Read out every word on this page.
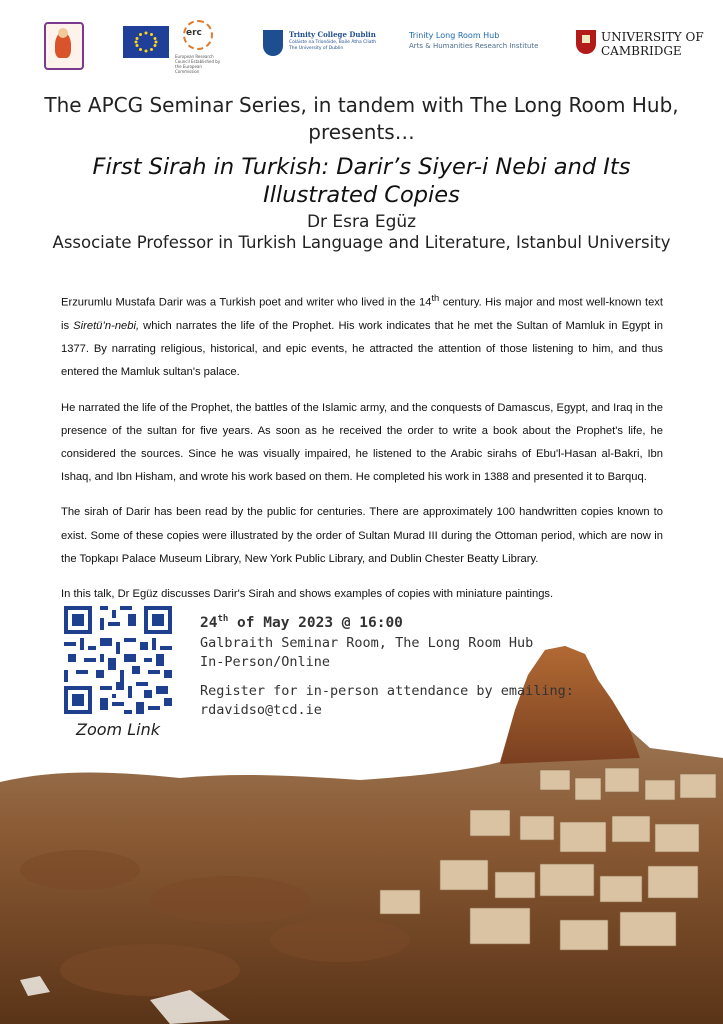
erc
European Research Council Established by the European Commission
Trinity College Dublin
Coláiste na Tríonóide, Baile Átha Cliath
The University of Dublin
Trinity Long Room Hub
Arts & Humanities Research Institute
UNIVERSITY OF
CAMBRIDGE
The APCG Seminar Series, in tandem with The Long Room Hub,
presents…
First Sirah in Turkish: Darir’s Siyer-i Nebi and Its
Illustrated Copies
Dr Esra Egüz
Associate Professor in Turkish Language and Literature, Istanbul University

Erzurumlu Mustafa Darir was a Turkish poet and writer who lived in the 14th century. His major and most well-known text is Siretü’n-nebi, which narrates the life of the Prophet. His work indicates that he met the Sultan of Mamluk in Egypt in 1377. By narrating religious, historical, and epic events, he attracted the attention of those listening to him, and thus entered the Mamluk sultan's palace.

He narrated the life of the Prophet, the battles of the Islamic army, and the conquests of Damascus, Egypt, and Iraq in the presence of the sultan for five years. As soon as he received the order to write a book about the Prophet's life, he considered the sources. Since he was visually impaired, he listened to the Arabic sirahs of Ebu'l-Hasan al-Bakri, Ibn Ishaq, and Ibn Hisham, and wrote his work based on them. He completed his work in 1388 and presented it to Barquq.

The sirah of Darir has been read by the public for centuries. There are approximately 100 handwritten copies known to exist. Some of these copies were illustrated by the order of Sultan Murad III during the Ottoman period, which are now in the Topkapı Palace Museum Library, New York Public Library, and Dublin Chester Beatty Library.

In this talk, Dr Egüz discusses Darir's Sirah and shows examples of copies with miniature paintings.

Zoom Link
24th of May 2023 @ 16:00
Galbraith Seminar Room, The Long Room Hub
In-Person/Online
Register for in-person attendance by emailing:
rdavidso@tcd.ie
